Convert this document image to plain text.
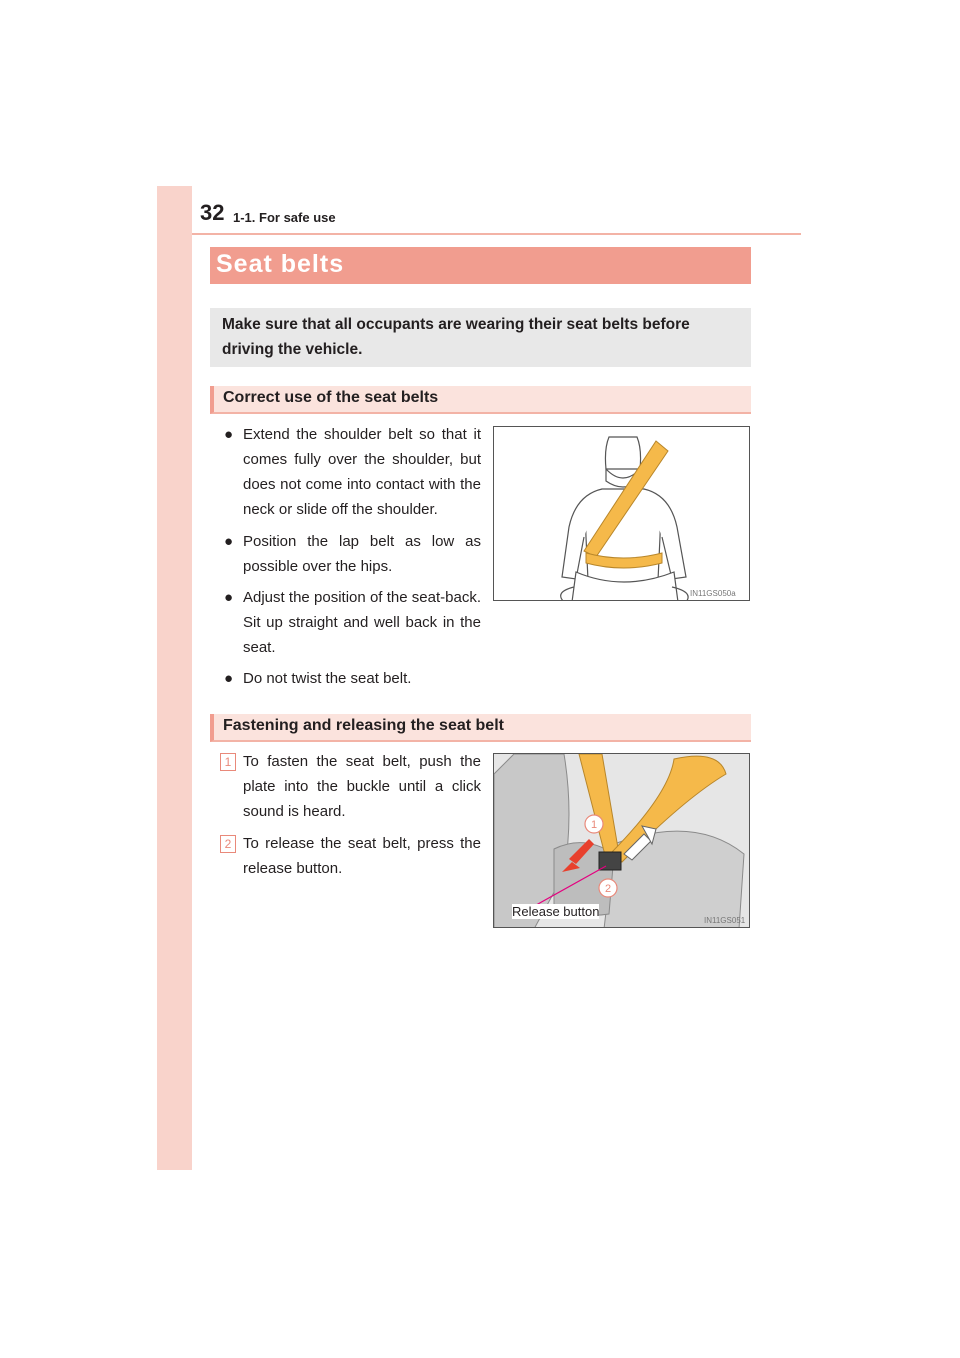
32 1-1. For safe use
Seat belts
Make sure that all occupants are wearing their seat belts before driving the vehicle.
Correct use of the seat belts
● Extend the shoulder belt so that it comes fully over the shoulder, but does not come into contact with the neck or slide off the shoulder.
● Position the lap belt as low as possible over the hips.
● Adjust the position of the seat-back. Sit up straight and well back in the seat.
● Do not twist the seat belt.
IN11GS050a
Fastening and releasing the seat belt
1 To fasten the seat belt, push the plate into the buckle until a click sound is heard.
2 To release the seat belt, press the release button.
1
2
Release button
IN11GS051
